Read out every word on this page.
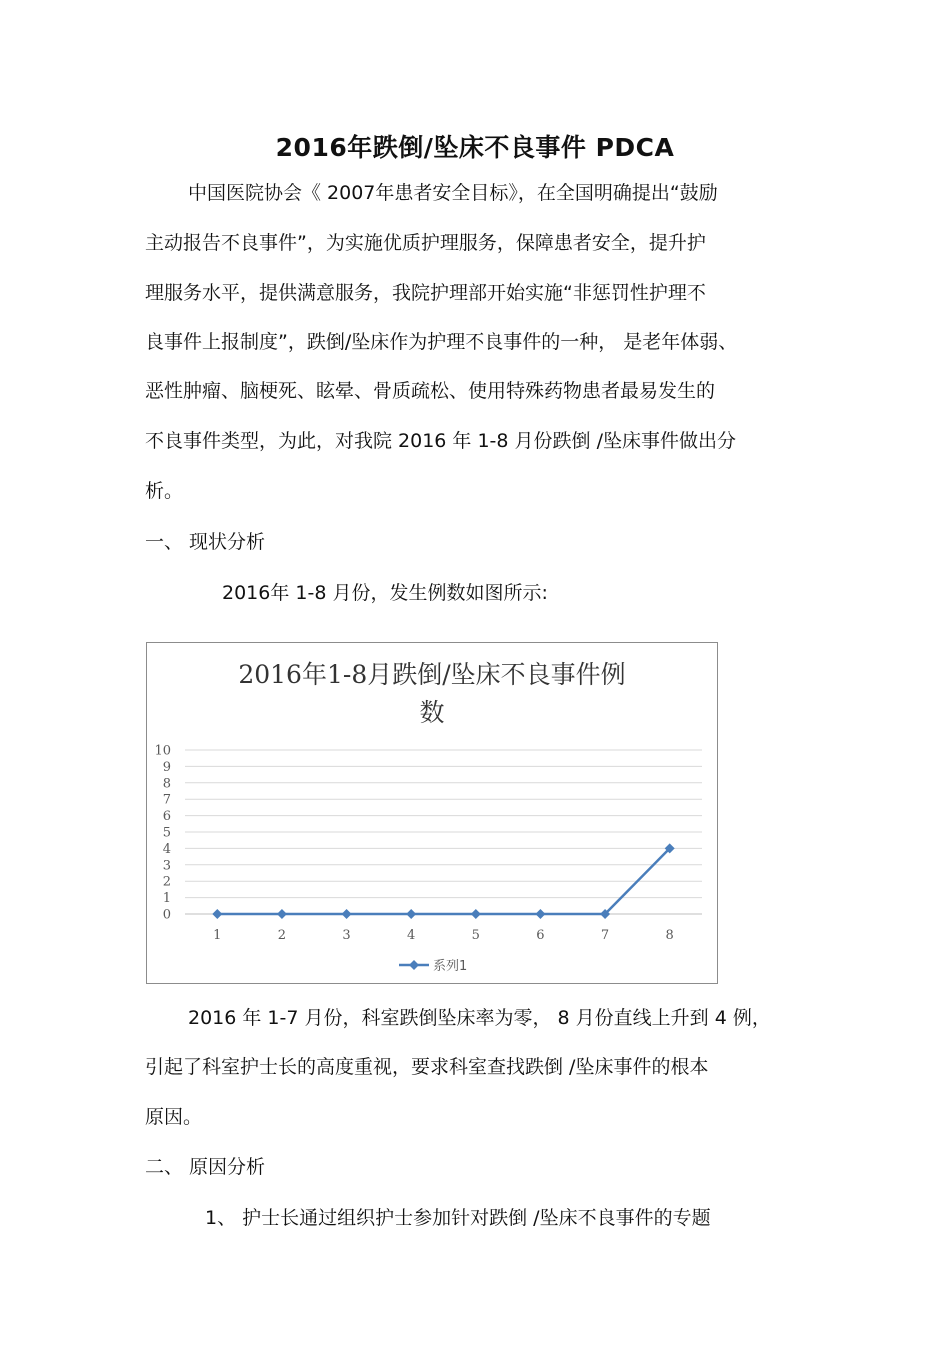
2016年跌倒/坠床不良事件 PDCA
中国医院协会《 2007年患者安全目标》，在全国明确提出“鼓励
主动报告不良事件”，为实施优质护理服务，保障患者安全，提升护
理服务水平，提供满意服务，我院护理部开始实施“非惩罚性护理不
良事件上报制度”，跌倒/坠床作为护理不良事件的一种， 是老年体弱、
恶性肿瘤、脑梗死、眩晕、骨质疏松、使用特殊药物患者最易发生的
不良事件类型，为此，对我院 2016 年 1-8 月份跌倒 /坠床事件做出分
析。
一、 现状分析
2016年 1-8 月份，发生例数如图所示:
2016年1-8月跌倒/坠床不良事件例
数
0
1
2
3
4
5
6
7
8
9
10
1	2	3	4	5	6	7	8
系列1
2016 年 1-7 月份，科室跌倒坠床率为零， 8 月份直线上升到 4 例，
引起了科室护士长的高度重视，要求科室查找跌倒 /坠床事件的根本
原因。
二、 原因分析
1、 护士长通过组织护士参加针对跌倒 /坠床不良事件的专题
